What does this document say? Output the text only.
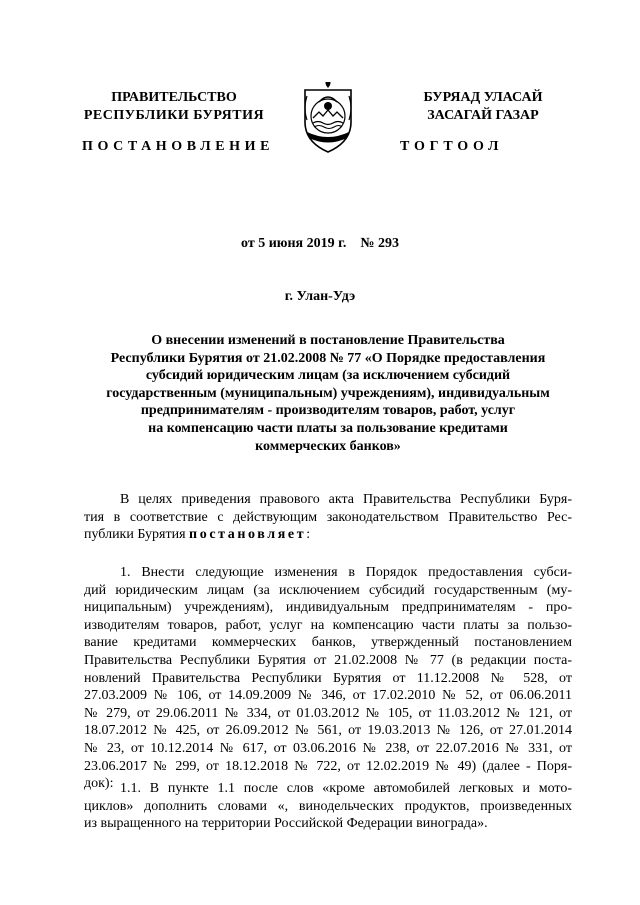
ПРАВИТЕЛЬСТВО
РЕСПУБЛИКИ БУРЯТИЯ
БУРЯАД УЛАСАЙ
ЗАСАГАЙ ГАЗАР
ПОСТАНОВЛЕНИЕ	ТОГТООЛ
от 5 июня 2019 г. № 293
г. Улан-Удэ
О внесении изменений в постановление Правительства
Республики Бурятия от 21.02.2008 № 77 «О Порядке предоставления
субсидий юридическим лицам (за исключением субсидий
государственным (муниципальным) учреждениям), индивидуальным
предпринимателям - производителям товаров, работ, услуг
на компенсацию части платы за пользование кредитами
коммерческих банков»
В целях приведения правового акта Правительства Республики Буря-
тия в соответствие с действующим законодательством Правительство Рес-
публики Бурятия постановляет:
1. Внести следующие изменения в Порядок предоставления субси-
дий юридическим лицам (за исключением субсидий государственным (му-
ниципальным) учреждениям), индивидуальным предпринимателям - про-
изводителям товаров, работ, услуг на компенсацию части платы за пользо-
вание кредитами коммерческих банков, утвержденный постановлением
Правительства Республики Бурятия от 21.02.2008 № 77 (в редакции поста-
новлений Правительства Республики Бурятия от 11.12.2008 № 528, от
27.03.2009 № 106, от 14.09.2009 № 346, от 17.02.2010 № 52, от 06.06.2011
№ 279, от 29.06.2011 № 334, от 01.03.2012 № 105, от 11.03.2012 № 121, от
18.07.2012 № 425, от 26.09.2012 № 561, от 19.03.2013 № 126, от 27.01.2014
№ 23, от 10.12.2014 № 617, от 03.06.2016 № 238, от 22.07.2016 № 331, от
23.06.2017 № 299, от 18.12.2018 № 722, от 12.02.2019 № 49) (далее - Поря-
док): 1.1. В пункте 1.1 после слов «кроме автомобилей легковых и мото-
циклов» дополнить словами «, винодельческих продуктов, произведенных
из выращенного на территории Российской Федерации винограда».
